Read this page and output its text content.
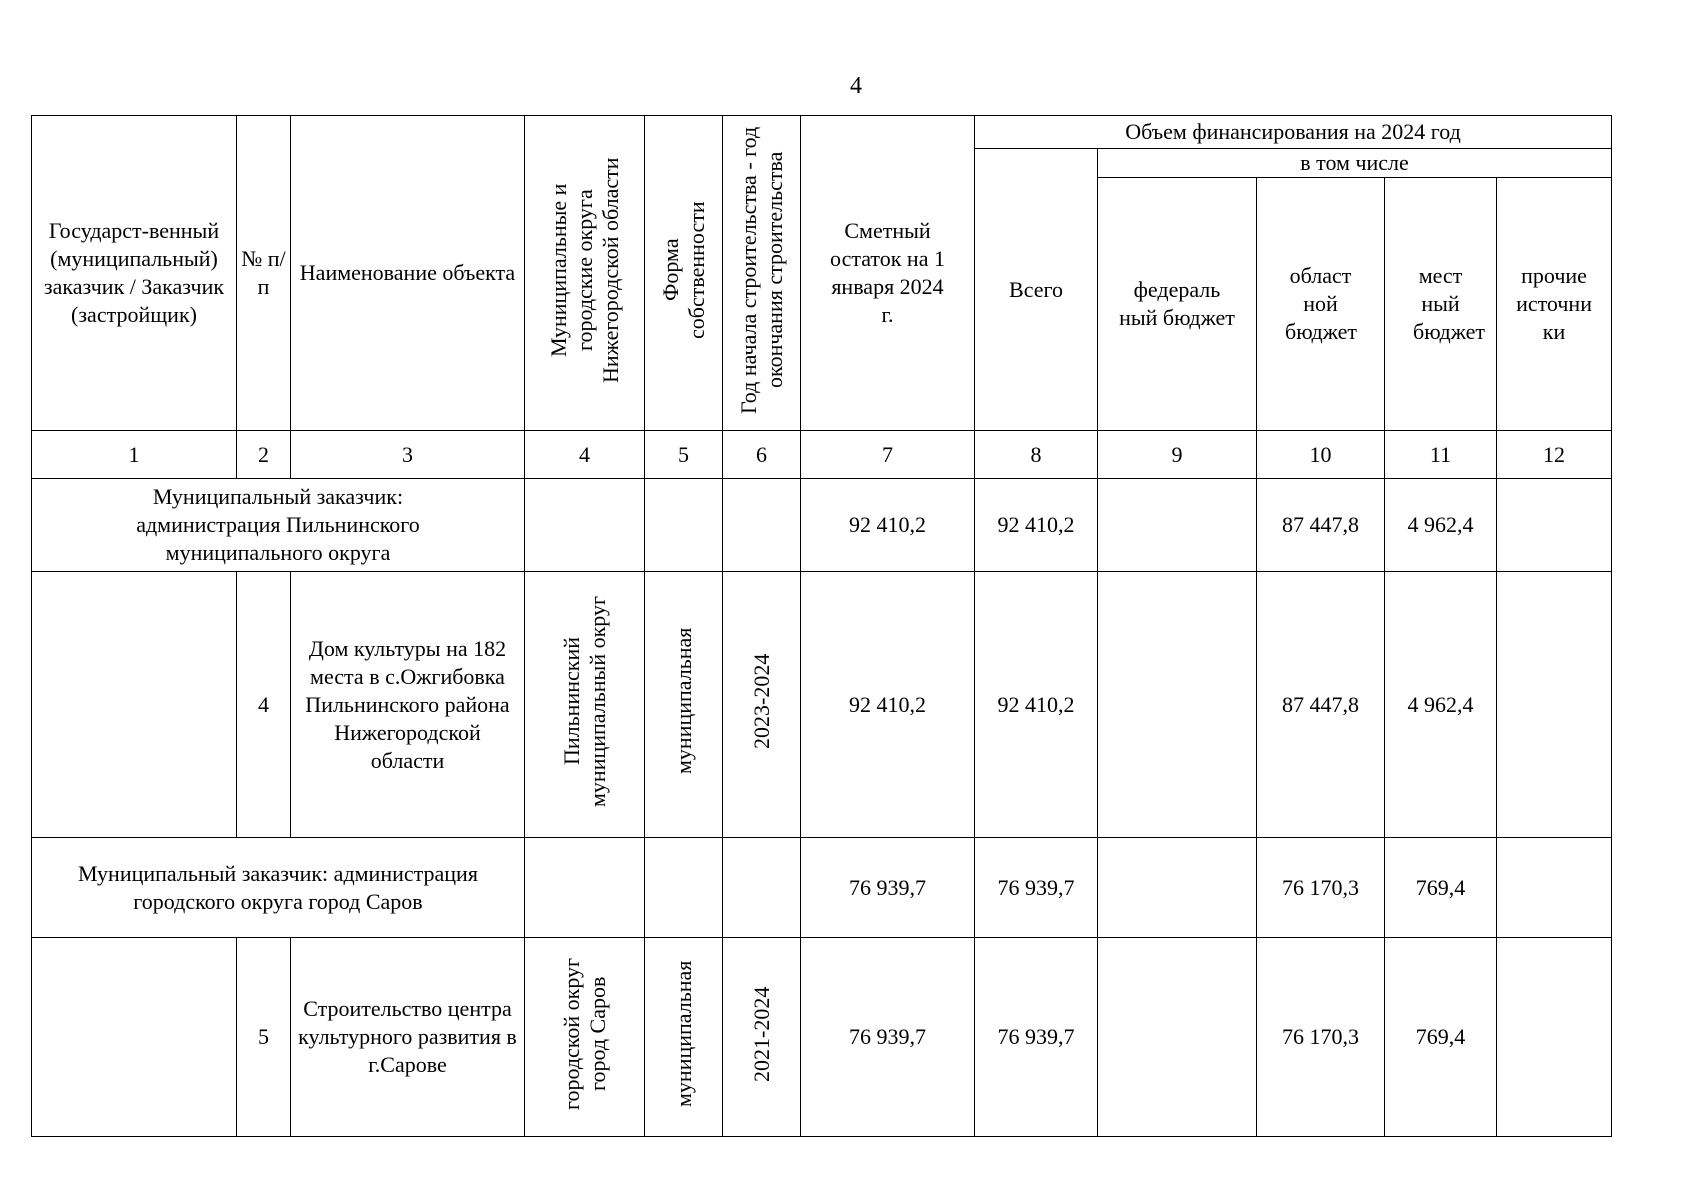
4
Государст-венный (муниципальный) заказчик / Заказчик (застройщик)	№ п/п	Наименование объекта	Муниципальные и городские округа Нижегородской области	Форма собственности	Год начала строительства - год окончания строительства	Сметный остаток на 1 января 2024 г.	Объем финансирования на 2024 год				
							Всего	в том числе			
								федераль ный бюджет	област ной бюджет	мест ный бюджет	прочие источни ки
1	2	3	4	5	6	7	8	9	10	11	12
Муниципальный заказчик: администрация Пильнинского муниципального округа						92 410,2	92 410,2		87 447,8	4 962,4	
	4	Дом культуры на 182 места в с.Ожгибовка Пильнинского района Нижегородской области	Пильнинский муниципальный округ	муниципальная	2023-2024	92 410,2	92 410,2		87 447,8	4 962,4	
Муниципальный заказчик: администрация городского округа город Саров						76 939,7	76 939,7		76 170,3	769,4	
	5	Строительство центра культурного развития в г.Сарове	городской округ город Саров	муниципальная	2021-2024	76 939,7	76 939,7		76 170,3	769,4	
